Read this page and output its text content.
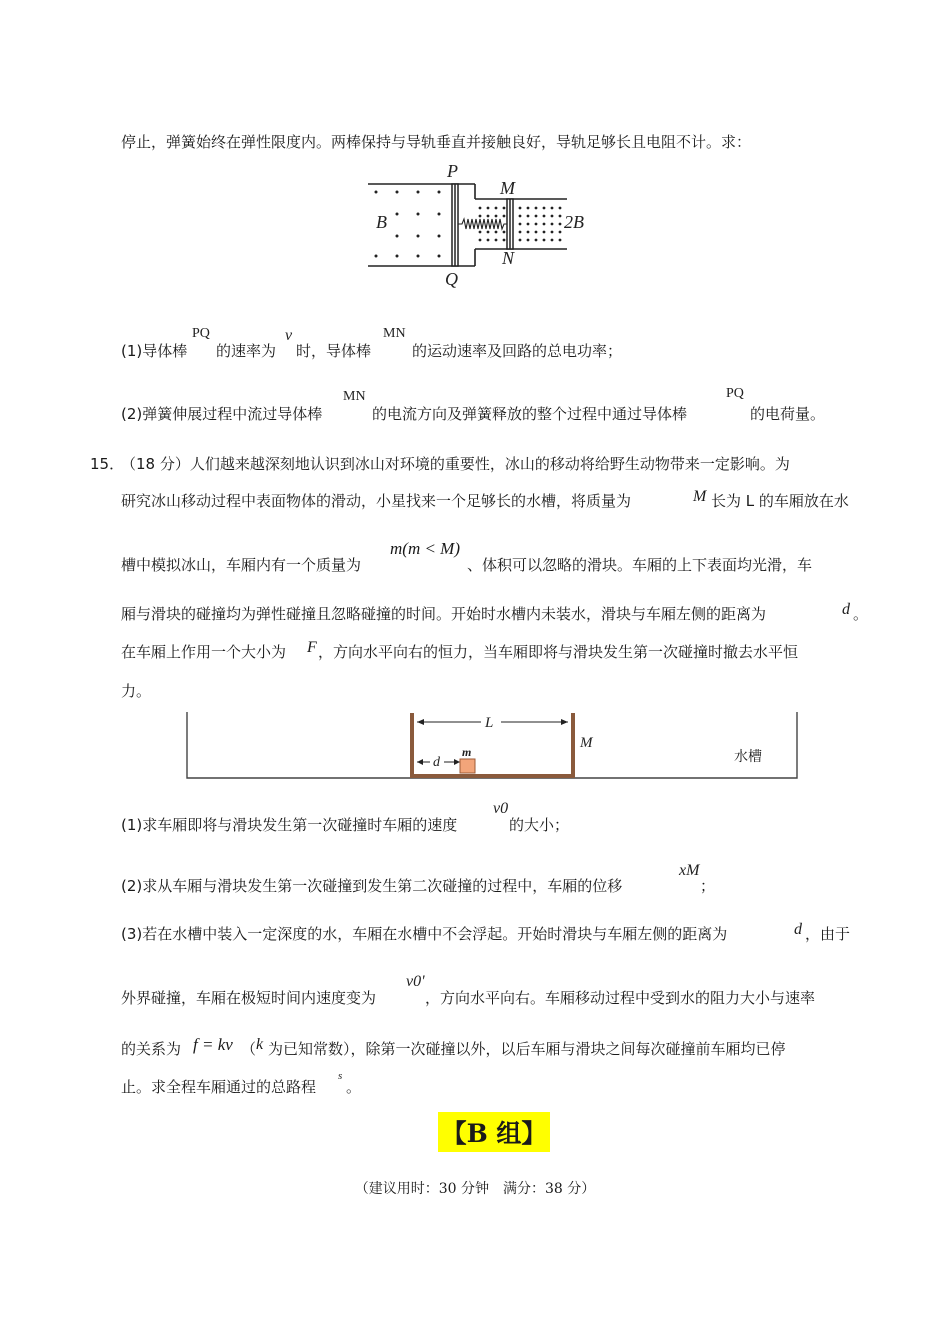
停止，弹簧始终在弹性限度内。两棒保持与导轨垂直并接触良好，导轨足够长且电阻不计。求：
P
Q
M
N
B	2B
(1)导体棒
PQ
的速率为
v
时，导体棒
MN
的运动速率及回路的总电功率；
(2)弹簧伸展过程中流过导体棒
MN
的电流方向及弹簧释放的整个过程中通过导体棒
PQ
的电荷量。
15．
（18 分）人们越来越深刻地认识到冰山对环境的重要性，冰山的移动将给野生动物带来一定影响。为
研究冰山移动过程中表面物体的滑动，小星找来一个足够长的水槽，将质量为	M 长为 L 的车厢放在水
槽中模拟冰山，车厢内有一个质量为
m(m < M)
、体积可以忽略的滑块。车厢的上下表面均光滑，车
厢与滑块的碰撞均为弹性碰撞且忽略碰撞的时间。开始时水槽内未装水，滑块与车厢左侧的距离为	d 。
在车厢上作用一个大小为 F ，方向水平向右的恒力，当车厢即将与滑块发生第一次碰撞时撤去水平恒
力。
L
d
m
M
水槽
(1)求车厢即将与滑块发生第一次碰撞时车厢的速度
v0
的大小；
(2)求从车厢与滑块发生第一次碰撞到发生第二次碰撞的过程中，车厢的位移
xM
；
(3)若在水槽中装入一定深度的水，车厢在水槽中不会浮起。开始时滑块与车厢左侧的距离为	d ，由于
外界碰撞，车厢在极短时间内速度变为
v0'
，方向水平向右。车厢移动过程中受到水的阻力大小与速率
的关系为 f = kv （ k 为已知常数），除第一次碰撞以外，以后车厢与滑块之间每次碰撞前车厢均已停
止。求全程车厢通过的总路程
s
。
【B 组】
（建议用时：30 分钟　满分：38 分）
